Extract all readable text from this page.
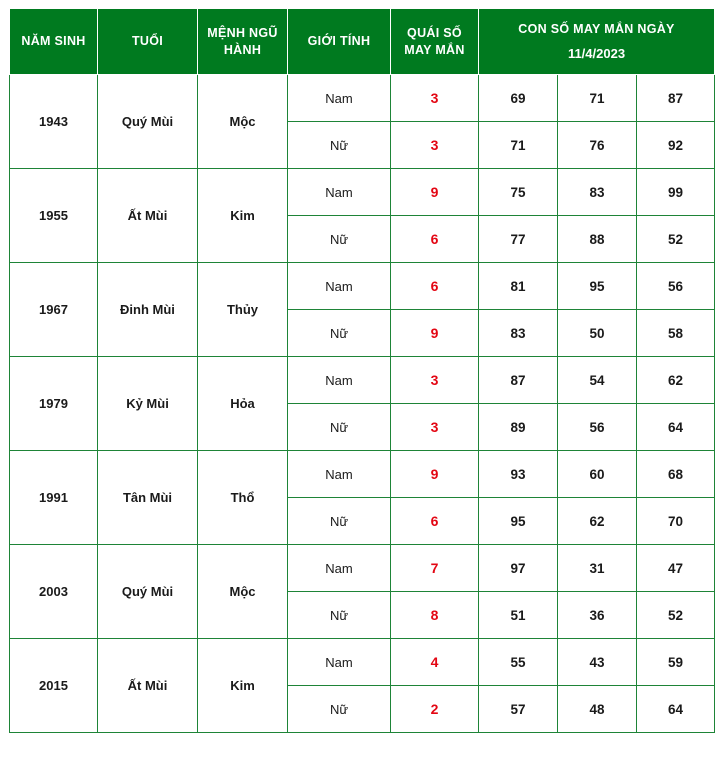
NĂM SINH	TUỔI	MỆNH NGŨ HÀNH	GIỚI TÍNH	QUÁI SỐ MAY MẮN	CON SỐ MAY MẮN NGÀY
11/4/2023		

1943	Quý Mùi	Mộc	Nam	3	69	71	87
			Nữ	3	71	76	92
1955	Ất Mùi	Kim	Nam	9	75	83	99
			Nữ	6	77	88	52
1967	Đinh Mùi	Thủy	Nam	6	81	95	56
			Nữ	9	83	50	58
1979	Kỷ Mùi	Hỏa	Nam	3	87	54	62
			Nữ	3	89	56	64
1991	Tân Mùi	Thổ	Nam	9	93	60	68
			Nữ	6	95	62	70
2003	Quý Mùi	Mộc	Nam	7	97	31	47
			Nữ	8	51	36	52
2015	Ất Mùi	Kim	Nam	4	55	43	59
			Nữ	2	57	48	64
